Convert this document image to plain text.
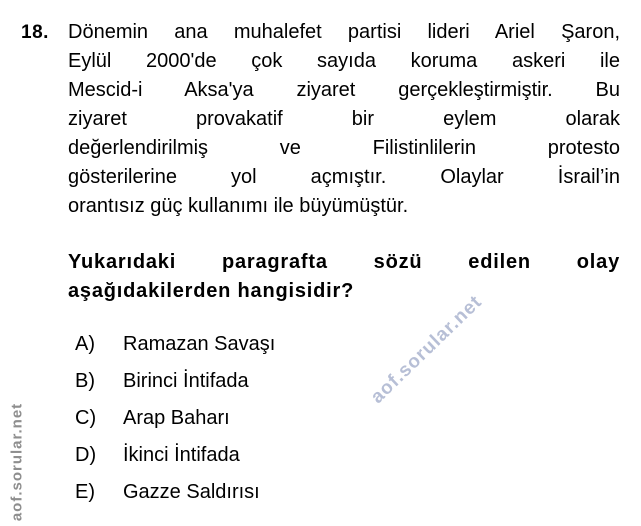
18. Dönemin ana muhalefet partisi lideri Ariel Şaron,
Eylül 2000'de çok sayıda koruma askeri ile
Mescid-i Aksa'ya ziyaret gerçekleştirmiştir. Bu
ziyaret provakatif bir eylem olarak
değerlendirilmiş ve Filistinlilerin protesto
gösterilerine yol açmıştır. Olaylar İsrail’in
orantısız güç kullanımı ile büyümüştür.
Yukarıdaki paragrafta sözü edilen olay
aşağıdakilerden hangisidir?
A)	Ramazan Savaşı
B)	Birinci İntifada
C)	Arap Baharı
D)	İkinci İntifada
E)	Gazze Saldırısı
aof.sorular.net
aof.sorular.net
